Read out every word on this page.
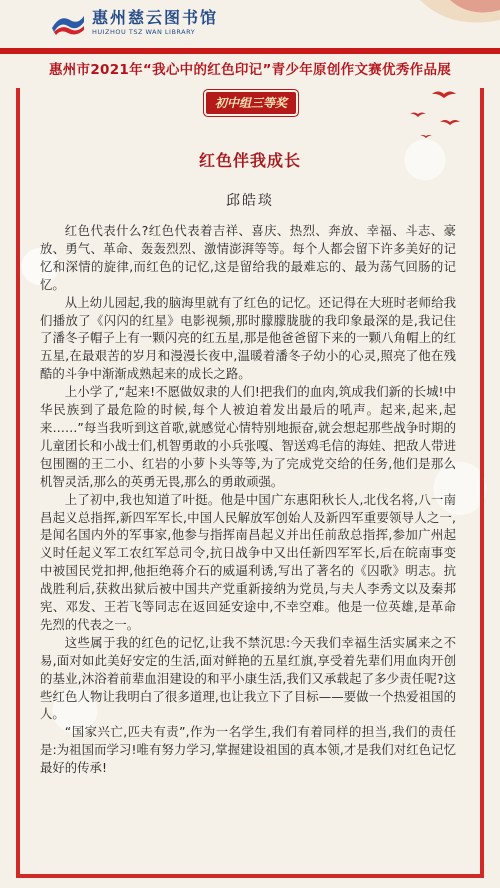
惠州慈云图书馆
HUIZHOU TSZ WAN LIBRARY
惠州市2021年“我心中的红色印记”青少年原创作文赛优秀作品展
初中组三等奖
红色伴我成长
邱皓琰

红色代表什么?红色代表着吉祥、喜庆、热烈、奔放、幸福、斗志、豪放、勇气、革命、轰轰烈烈、激情澎湃等等。每个人都会留下许多美好的记忆和深情的旋律,而红色的记忆,这是留给我的最难忘的、最为荡气回肠的记忆。

从上幼儿园起,我的脑海里就有了红色的记忆。还记得在大班时老师给我们播放了《闪闪的红星》电影视频,那时朦朦胧胧的我印象最深的是,我记住了潘冬子帽子上有一颗闪亮的红五星,那是他爸爸留下来的一颗八角帽上的红五星,在最艰苦的岁月和漫漫长夜中,温暖着潘冬子幼小的心灵,照亮了他在残酷的斗争中渐渐成熟起来的成长之路。

上小学了,“起来!不愿做奴隶的人们!把我们的血肉,筑成我们新的长城!中华民族到了最危险的时候,每个人被迫着发出最后的吼声。起来,起来,起来……”每当我听到这首歌,就感觉心情特别地振奋,就会想起那些战争时期的儿童团长和小战士们,机智勇敢的小兵张嘎、智送鸡毛信的海娃、把敌人带进包围圈的王二小、红岩的小萝卜头等等,为了完成党交给的任务,他们是那么机智灵活,那么的英勇无畏,那么的勇敢顽强。

上了初中,我也知道了叶挺。他是中国广东惠阳秋长人,北伐名将,八一南昌起义总指挥,新四军军长,中国人民解放军创始人及新四军重要领导人之一,是闻名国内外的军事家,他参与指挥南昌起义并出任前敌总指挥,参加广州起义时任起义军工农红军总司令,抗日战争中又出任新四军军长,后在皖南事变中被国民党扣押,他拒绝蒋介石的威逼利诱,写出了著名的《囚歌》明志。抗战胜利后,获救出狱后被中国共产党重新接纳为党员,与夫人李秀文以及秦邦宪、邓发、王若飞等同志在返回延安途中,不幸空难。他是一位英雄,是革命先烈的代表之一。

这些属于我的红色的记忆,让我不禁沉思:今天我们幸福生活实属来之不易,面对如此美好安定的生活,面对鲜艳的五星红旗,享受着先辈们用血肉开创的基业,沐浴着前辈血泪建设的和平小康生活,我们又承载起了多少责任呢?这些红色人物让我明白了很多道理,也让我立下了目标——要做一个热爱祖国的人。

“国家兴亡,匹夫有责”,作为一名学生,我们有着同样的担当,我们的责任是:为祖国而学习!唯有努力学习,掌握建设祖国的真本领,才是我们对红色记忆最好的传承!
